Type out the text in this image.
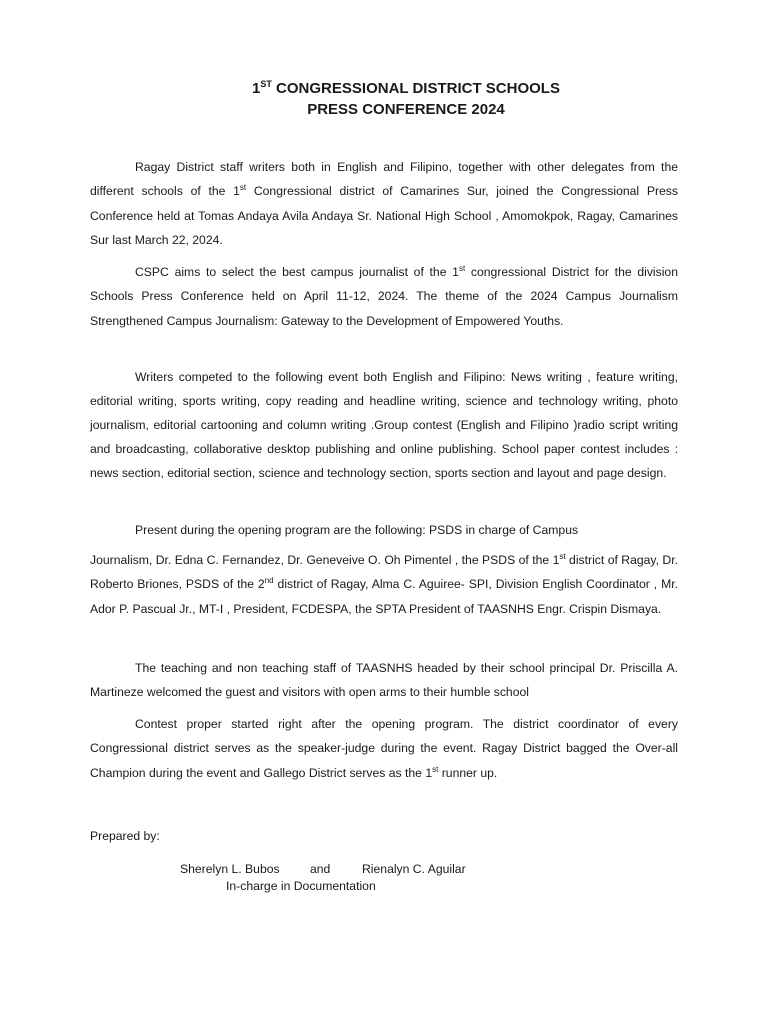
1ST CONGRESSIONAL DISTRICT SCHOOLS
PRESS CONFERENCE 2024

Ragay District staff writers both in English and Filipino, together with other delegates from the different schools of the 1st Congressional district of Camarines Sur, joined the Congressional Press Conference held at Tomas Andaya Avila Andaya Sr. National High School , Amomokpok, Ragay, Camarines Sur last March 22, 2024.

CSPC aims to select the best campus journalist of the 1st congressional District for the division Schools Press Conference held on April 11-12, 2024. The theme of the 2024 Campus Journalism Strengthened Campus Journalism: Gateway to the Development of Empowered Youths.

Writers competed to the following event both English and Filipino: News writing , feature writing, editorial writing, sports writing, copy reading and headline writing, science and technology writing, photo journalism, editorial cartooning and column writing .Group contest (English and Filipino )radio script writing and broadcasting, collaborative desktop publishing and online publishing. School paper contest includes : news section, editorial section, science and technology section, sports section and layout and page design.

Present during the opening program are the following: PSDS in charge of Campus

Journalism, Dr. Edna C. Fernandez, Dr. Geneveive O. Oh Pimentel , the PSDS of the 1st district of Ragay, Dr. Roberto Briones, PSDS of the 2nd district of Ragay, Alma C. Aguiree- SPI, Division English Coordinator , Mr. Ador P. Pascual Jr., MT-I , President, FCDESPA, the SPTA President of TAASNHS Engr. Crispin Dismaya.

The teaching and non teaching staff of TAASNHS headed by their school principal Dr. Priscilla A. Martineze welcomed the guest and visitors with open arms to their humble school

Contest proper started right after the opening program. The district coordinator of every Congressional district serves as the speaker-judge during the event. Ragay District bagged the Over-all Champion during the event and Gallego District serves as the 1st runner up.

Prepared by:
Sherelyn L. Bubos and	Rienalyn C. Aguilar
In-charge in Documentation
